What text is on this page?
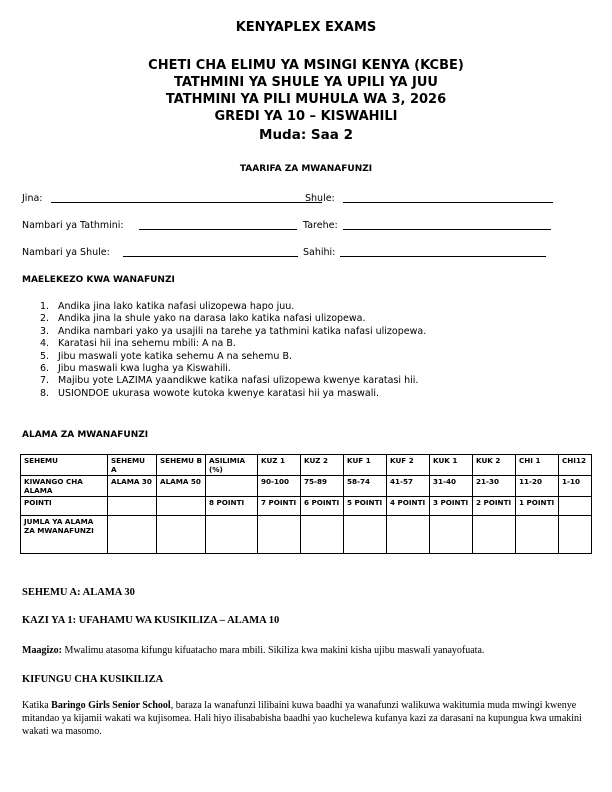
KENYAPLEX EXAMS
CHETI CHA ELIMU YA MSINGI KENYA (KCBE)
TATHMINI YA SHULE YA UPILI YA JUU
TATHMINI YA PILI MUHULA WA 3, 2026
GREDI YA 10 – KISWAHILI
Muda: Saa 2
TAARIFA ZA MWANAFUNZI
Jina:	Shule:
Nambari ya Tathmini:	Tarehe:
Nambari ya Shule:	Sahihi:
MAELEKEZO KWA WANAFUNZI
1. Andika jina lako katika nafasi ulizopewa hapo juu.
2. Andika jina la shule yako na darasa lako katika nafasi ulizopewa.
3. Andika nambari yako ya usajili na tarehe ya tathmini katika nafasi ulizopewa.
4. Karatasi hii ina sehemu mbili: A na B.
5. Jibu maswali yote katika sehemu A na sehemu B.
6. Jibu maswali kwa lugha ya Kiswahili.
7. Majibu yote LAZIMA yaandikwe katika nafasi ulizopewa kwenye karatasi hii.
8. USIONDOE ukurasa wowote kutoka kwenye karatasi hii ya maswali.
ALAMA ZA MWANAFUNZI
SEHEMU	SEHEMU A	SEHEMU B	ASILIMIA (%)	KUZ 1	KUZ 2	KUF 1	KUF 2	KUK 1	KUK 2	CHI 1	CHI12
KIWANGO CHA ALAMA	ALAMA 30	ALAMA 50		90-100	75-89	58-74	41-57	31-40	21-30	11-20	1-10
POINTI			8 POINTI	7 POINTI	6 POINTI	5 POINTI	4 POINTI	3 POINTI	2 POINTI	1 POINTI	
JUMLA YA ALAMA ZA MWANAFUNZI											
SEHEMU A: ALAMA 30
KAZI YA 1: UFAHAMU WA KUSIKILIZA – ALAMA 10
Maagizo: Mwalimu atasoma kifungu kifuatacho mara mbili. Sikiliza kwa makini kisha ujibu maswali yanayofuata.
KIFUNGU CHA KUSIKILIZA
Katika Baringo Girls Senior School, baraza la wanafunzi lilibaini kuwa baadhi ya wanafunzi walikuwa wakitumia muda mwingi kwenye mitandao ya kijamii wakati wa kujisomea. Hali hiyo ilisababisha baadhi yao kuchelewa kufanya kazi za darasani na kupungua kwa umakini wakati wa masomo.
